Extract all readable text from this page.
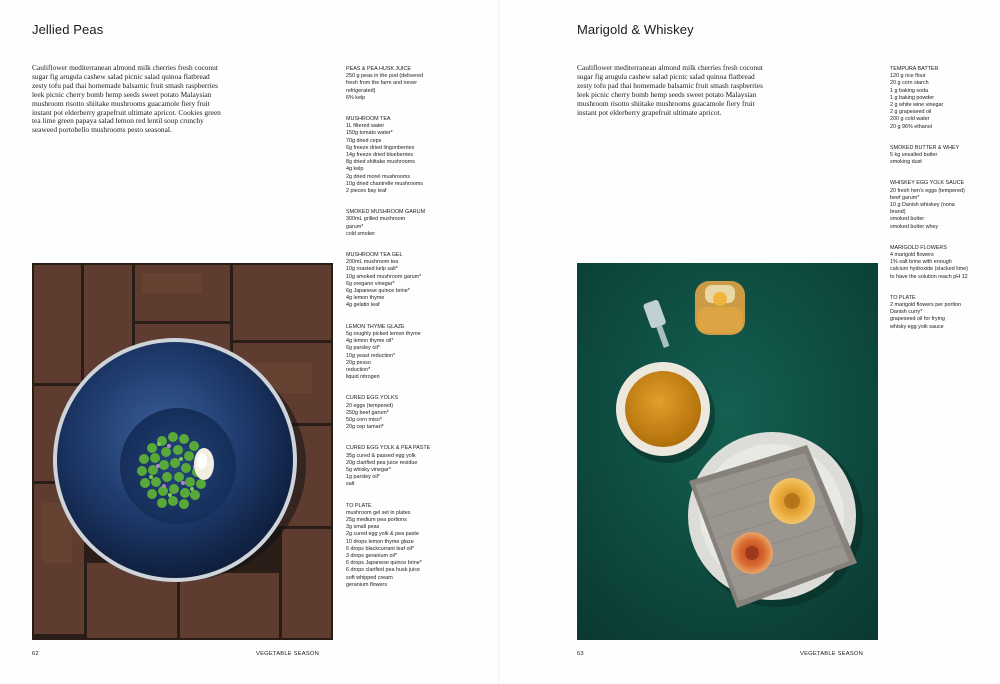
Jellied Peas

Cauliflower mediterranean almond milk cherries fresh coconut sugar fig arugula cashew salad picnic salad quinoa flatbread zesty tofu pad thai homemade balsamic fruit smash raspberries leek picnic cherry bomb hemp seeds sweet potato Malaysian mushroom risotto shiitake mushrooms guacamole fiery fruit instant pot elderberry grapefruit ultimate apricot. Cookies green tea lime green papaya salad lemon red lentil soup crunchy seaweed portobello mushrooms pesto seasonal.

PEAS & PEA HUSK JUICE
250 g peas in the pod (delivered
fresh from the farm and never
refrigerated)
6% kelp
MUSHROOM TEA
1L filtered water
150g tomato water*
70g dried ceps
6g freeze dried lingonberries
14g freeze dried blueberries
8g dried shiitake mushrooms
4g kelp
2g dried morel mushrooms
10g dried chantrelle mushrooms
2 pieces bay leaf
SMOKED MUSHROOM GARUM
300mL grilled mushroom
garum*
cold smoker
MUSHROOM TEA GEL
200mL mushroom tea
10g roasted kelp salt*
10g smoked mushroom garum*
6g oregano vinegar*
6g Japanese quince brine*
4g lemon thyme
4g gelatin leaf
LEMON THYME GLAZE
5g roughly picked lemon thyme
4g lemon thyme oil*
6g parsley oil*
10g yeast reduction*
20g pesso
reduction*
liquid nitrogen
CURED EGG YOLKS
20 eggs (tempered)
250g beef garum*
50g corn miso*
20g cep tamari*
CURED EGG YOLK & PEA PASTE
35g cured & passed egg yolk
20g clarified pea juice residue
5g whisky vinegar*
1g parsley oil*
salt
TO PLATE
mushroom gel set in plates
25g medium pea portions
3g small peas
2g cured egg yolk & pea paste
10 drops lemon thyme glaze
6 drops blackcurrant leaf oil*
3 drops geranium oil*
6 drops Japanese quince brine*
6 drops clarified pea husk juice
soft whipped cream
geranium flowers
62	VEGETABLE SEASON
Marigold & Whiskey

Cauliflower mediterranean almond milk cherries fresh coconut sugar fig arugula cashew salad picnic salad quinoa flatbread zesty tofu pad thai homemade balsamic fruit smash raspberries leek picnic cherry bomb hemp seeds sweet potato Malaysian mushroom risotto shiitake mushrooms guacamole fiery fruit instant pot elderberry grapefruit ultimate apricot.

TEMPURA BATTER
120 g rice flour
20 g corn starch
1 g baking soda
1 g baking powder
2 g white wine vinegar
2 g grapeseed oil
200 g cold water
20 g 96% ethanol
SMOKED BUTTER & WHEY
5 kg unsalted butter
smoking dust
WHISKEY EGG YOLK SAUCE
20 fresh hen's eggs (tempered)
beef garum*
10 g Danish whiskey (nona
brand)
smoked butter
smoked butter whey
MARIGOLD FLOWERS
4 marigold flowers
1% salt brine with enough
calcium hydroxide (slacked lime)
to have the solution reach pH 12
TO PLATE
2 marigold flowers per portion
Danish curry*
grapeseed oil for frying
whisky egg yolk sauce
63	VEGETABLE SEASON
